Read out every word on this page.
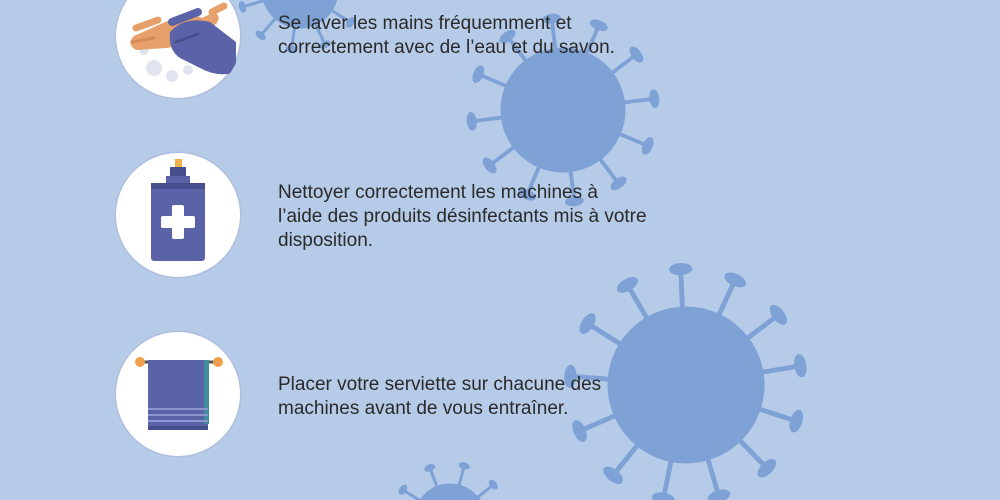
Se laver les mains fréquemment et
correctement avec de l’eau et du savon.

Nettoyer correctement les machines à
l’aide des produits désinfectants mis à votre
disposition.

Placer votre serviette sur chacune des
machines avant de vous entraîner.
